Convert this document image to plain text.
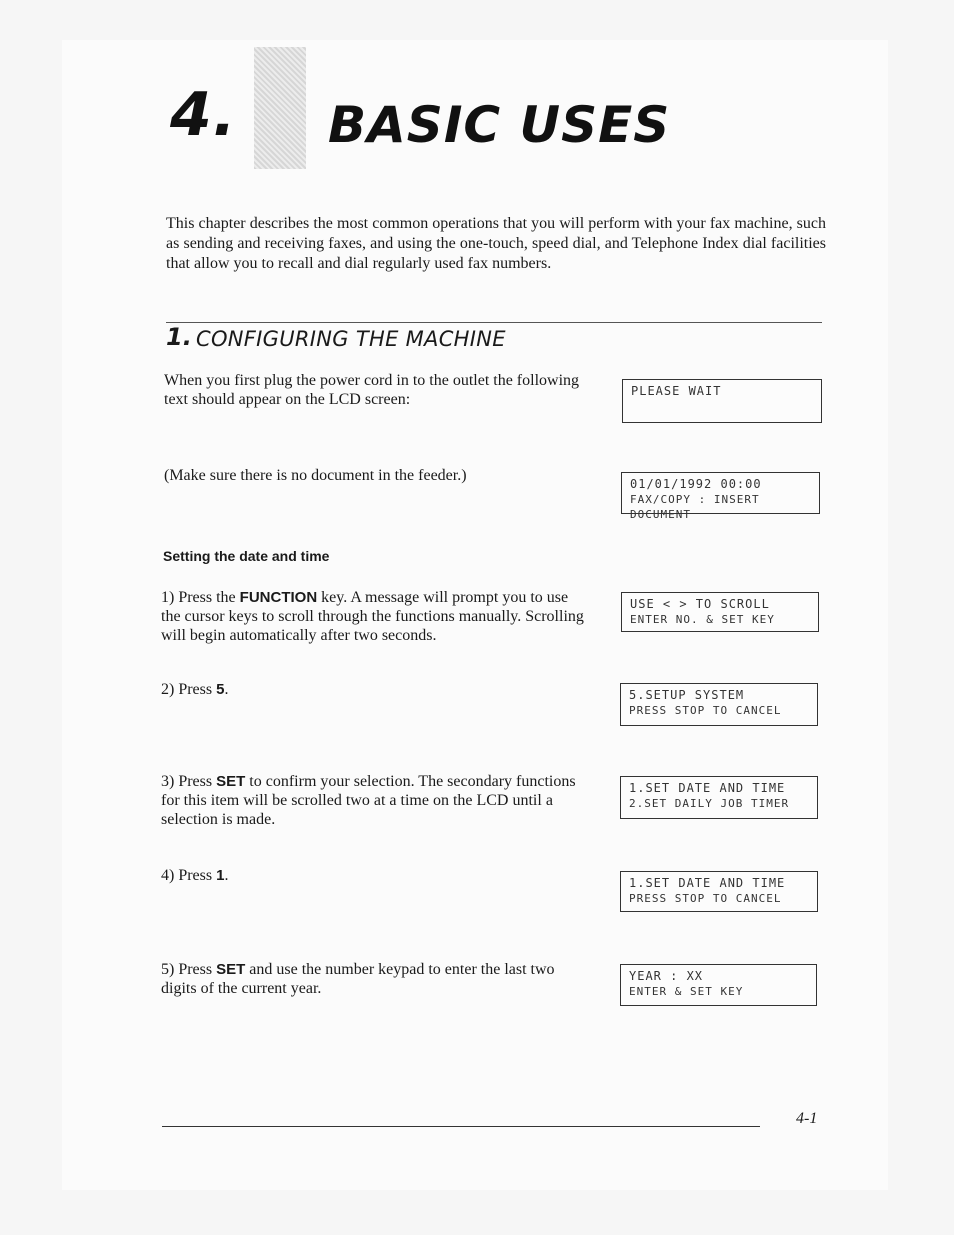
4. BASIC USES
This chapter describes the most common operations that you will perform with your fax machine, such as sending and receiving faxes, and using the one-touch, speed dial, and Telephone Index dial facilities that allow you to recall and dial regularly used fax numbers.
1. CONFIGURING THE MACHINE
When you first plug the power cord in to the outlet the following text should appear on the LCD screen:
(Make sure there is no document in the feeder.)
Setting the date and time
1) Press the FUNCTION key. A message will prompt you to use the cursor keys to scroll through the functions manually. Scrolling will begin automatically after two seconds.
2) Press 5.
3) Press SET to confirm your selection. The secondary functions for this item will be scrolled two at a time on the LCD until a selection is made.
4) Press 1.
5) Press SET and use the number keypad to enter the last two digits of the current year.
PLEASE WAIT
01/01/1992 00:00
FAX/COPY : INSERT DOCUMENT
USE < > TO SCROLL
ENTER NO. & SET KEY
5.SETUP SYSTEM
PRESS STOP TO CANCEL
1.SET DATE AND TIME
2.SET DAILY JOB TIMER
1.SET DATE AND TIME
PRESS STOP TO CANCEL
YEAR : XX
ENTER & SET KEY
4-1
